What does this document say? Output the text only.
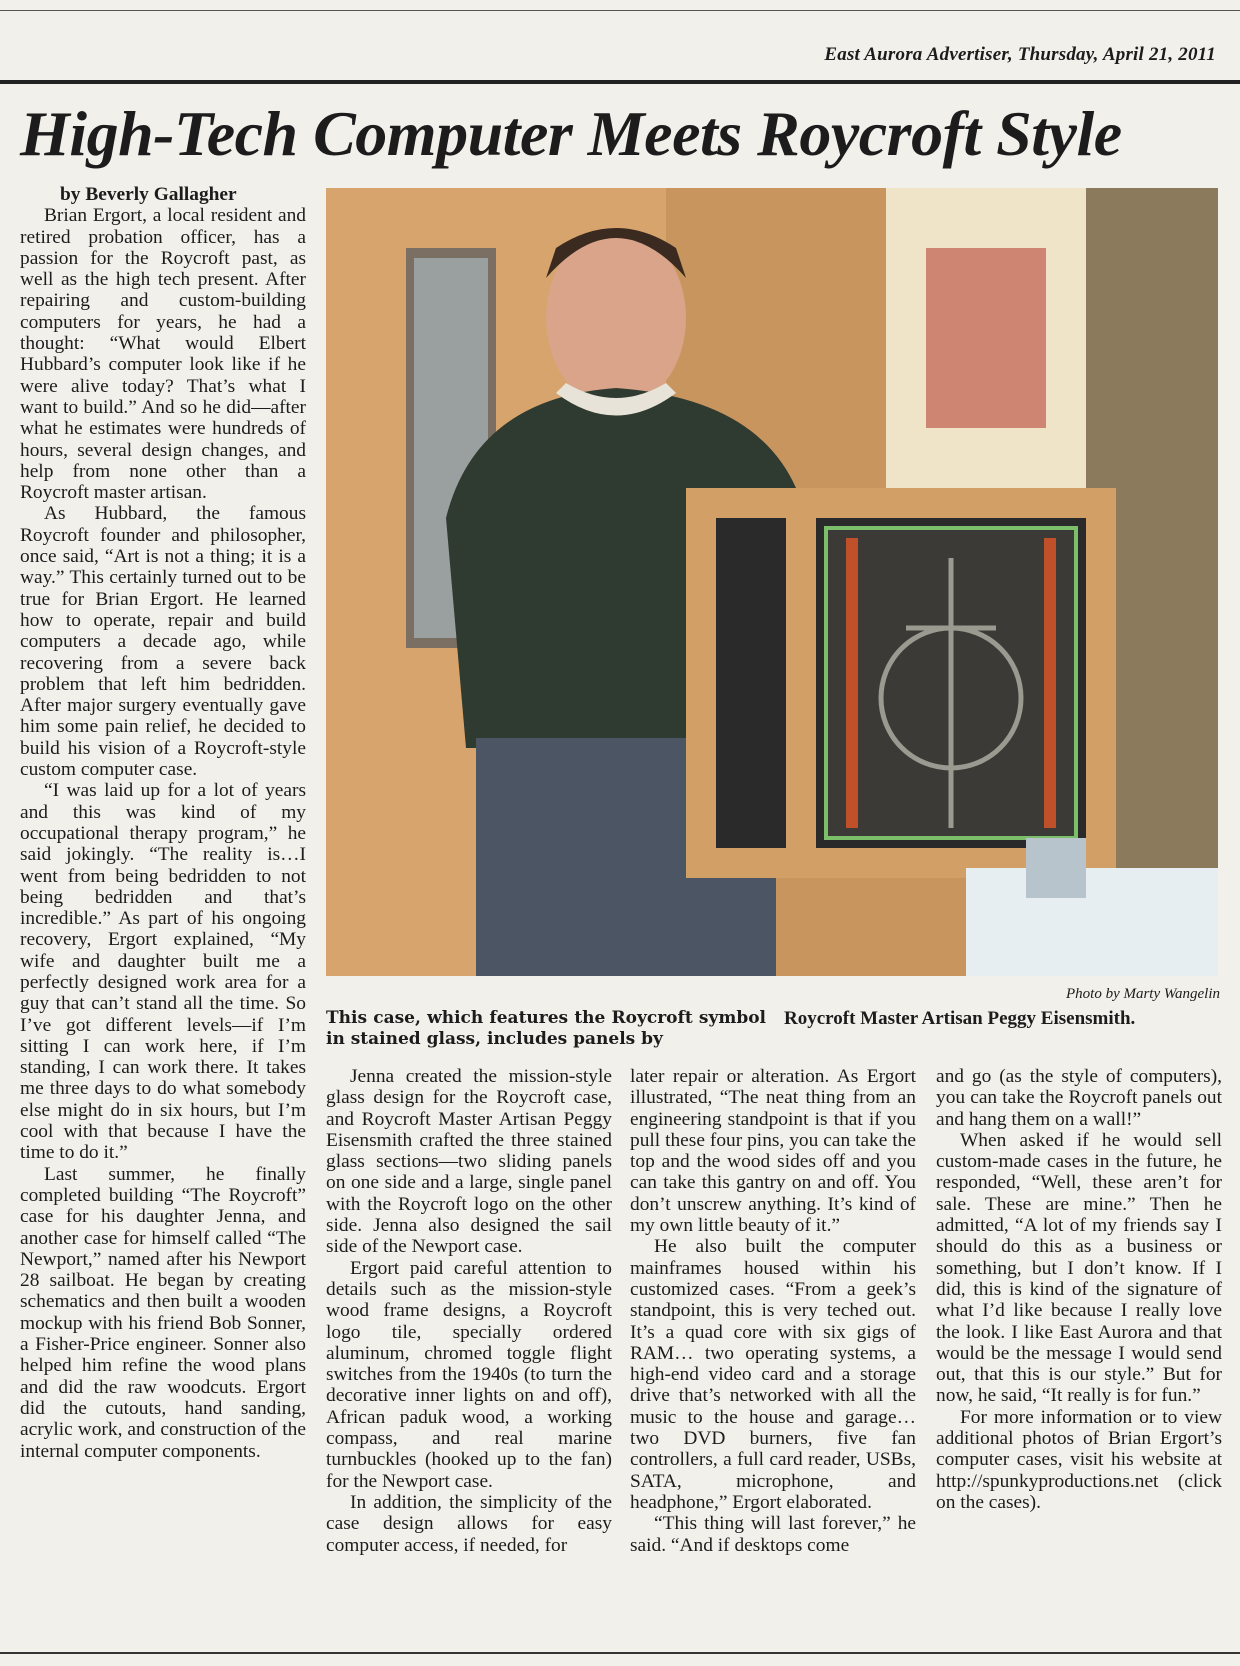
East Aurora Advertiser, Thursday, April 21, 2011
High-Tech Computer Meets Roycroft Style

by Beverly Gallagher

Brian Ergort, a local resident and retired probation officer, has a passion for the Roycroft past, as well as the high tech present. After repairing and custom-building computers for years, he had a thought: “What would Elbert Hubbard’s computer look like if he were alive today? That’s what I want to build.” And so he did—after what he estimates were hundreds of hours, several design changes, and help from none other than a Roycroft master artisan.

As Hubbard, the famous Roycroft founder and philosopher, once said, “Art is not a thing; it is a way.” This certainly turned out to be true for Brian Ergort. He learned how to operate, repair and build computers a decade ago, while recovering from a severe back problem that left him bedridden. After major surgery eventually gave him some pain relief, he decided to build his vision of a Roycroft-style custom computer case.

“I was laid up for a lot of years and this was kind of my occupational therapy program,” he said jokingly. “The reality is…I went from being bedridden to not being bedridden and that’s incredible.” As part of his ongoing recovery, Ergort explained, “My wife and daughter built me a perfectly designed work area for a guy that can’t stand all the time. So I’ve got different levels—if I’m sitting I can work here, if I’m standing, I can work there. It takes me three days to do what somebody else might do in six hours, but I’m cool with that because I have the time to do it.”

Last summer, he finally completed building “The Roycroft” case for his daughter Jenna, and another case for himself called “The Newport,” named after his Newport 28 sailboat. He began by creating schematics and then built a wooden mockup with his friend Bob Sonner, a Fisher-Price engineer. Sonner also helped him refine the wood plans and did the raw woodcuts. Ergort did the cutouts, hand sanding, acrylic work, and construction of the internal computer components.

Photo by Marty Wangelin
This case, which features the Roycroft symbol in stained glass, includes panels by
Roycroft Master Artisan Peggy Eisensmith.

Jenna created the mission-style glass design for the Roycroft case, and Roycroft Master Artisan Peggy Eisensmith crafted the three stained glass sections—two sliding panels on one side and a large, single panel with the Roycroft logo on the other side. Jenna also designed the sail side of the Newport case.

Ergort paid careful attention to details such as the mission-style wood frame designs, a Roycroft logo tile, specially ordered aluminum, chromed toggle flight switches from the 1940s (to turn the decorative inner lights on and off), African paduk wood, a working compass, and real marine turnbuckles (hooked up to the fan) for the Newport case.

In addition, the simplicity of the case design allows for easy computer access, if needed, for

later repair or alteration. As Ergort illustrated, “The neat thing from an engineering standpoint is that if you pull these four pins, you can take the top and the wood sides off and you can take this gantry on and off. You don’t unscrew anything. It’s kind of my own little beauty of it.”

He also built the computer mainframes housed within his customized cases. “From a geek’s standpoint, this is very teched out. It’s a quad core with six gigs of RAM… two operating systems, a high-end video card and a storage drive that’s networked with all the music to the house and garage… two DVD burners, five fan controllers, a full card reader, USBs, SATA, microphone, and headphone,” Ergort elaborated.

“This thing will last forever,” he said. “And if desktops come

and go (as the style of computers), you can take the Roycroft panels out and hang them on a wall!”

When asked if he would sell custom-made cases in the future, he responded, “Well, these aren’t for sale. These are mine.” Then he admitted, “A lot of my friends say I should do this as a business or something, but I don’t know. If I did, this is kind of the signature of what I’d like because I really love the look. I like East Aurora and that would be the message I would send out, that this is our style.” But for now, he said, “It really is for fun.”

For more information or to view additional photos of Brian Ergort’s computer cases, visit his website at http://spunkyproductions.net (click on the cases).
